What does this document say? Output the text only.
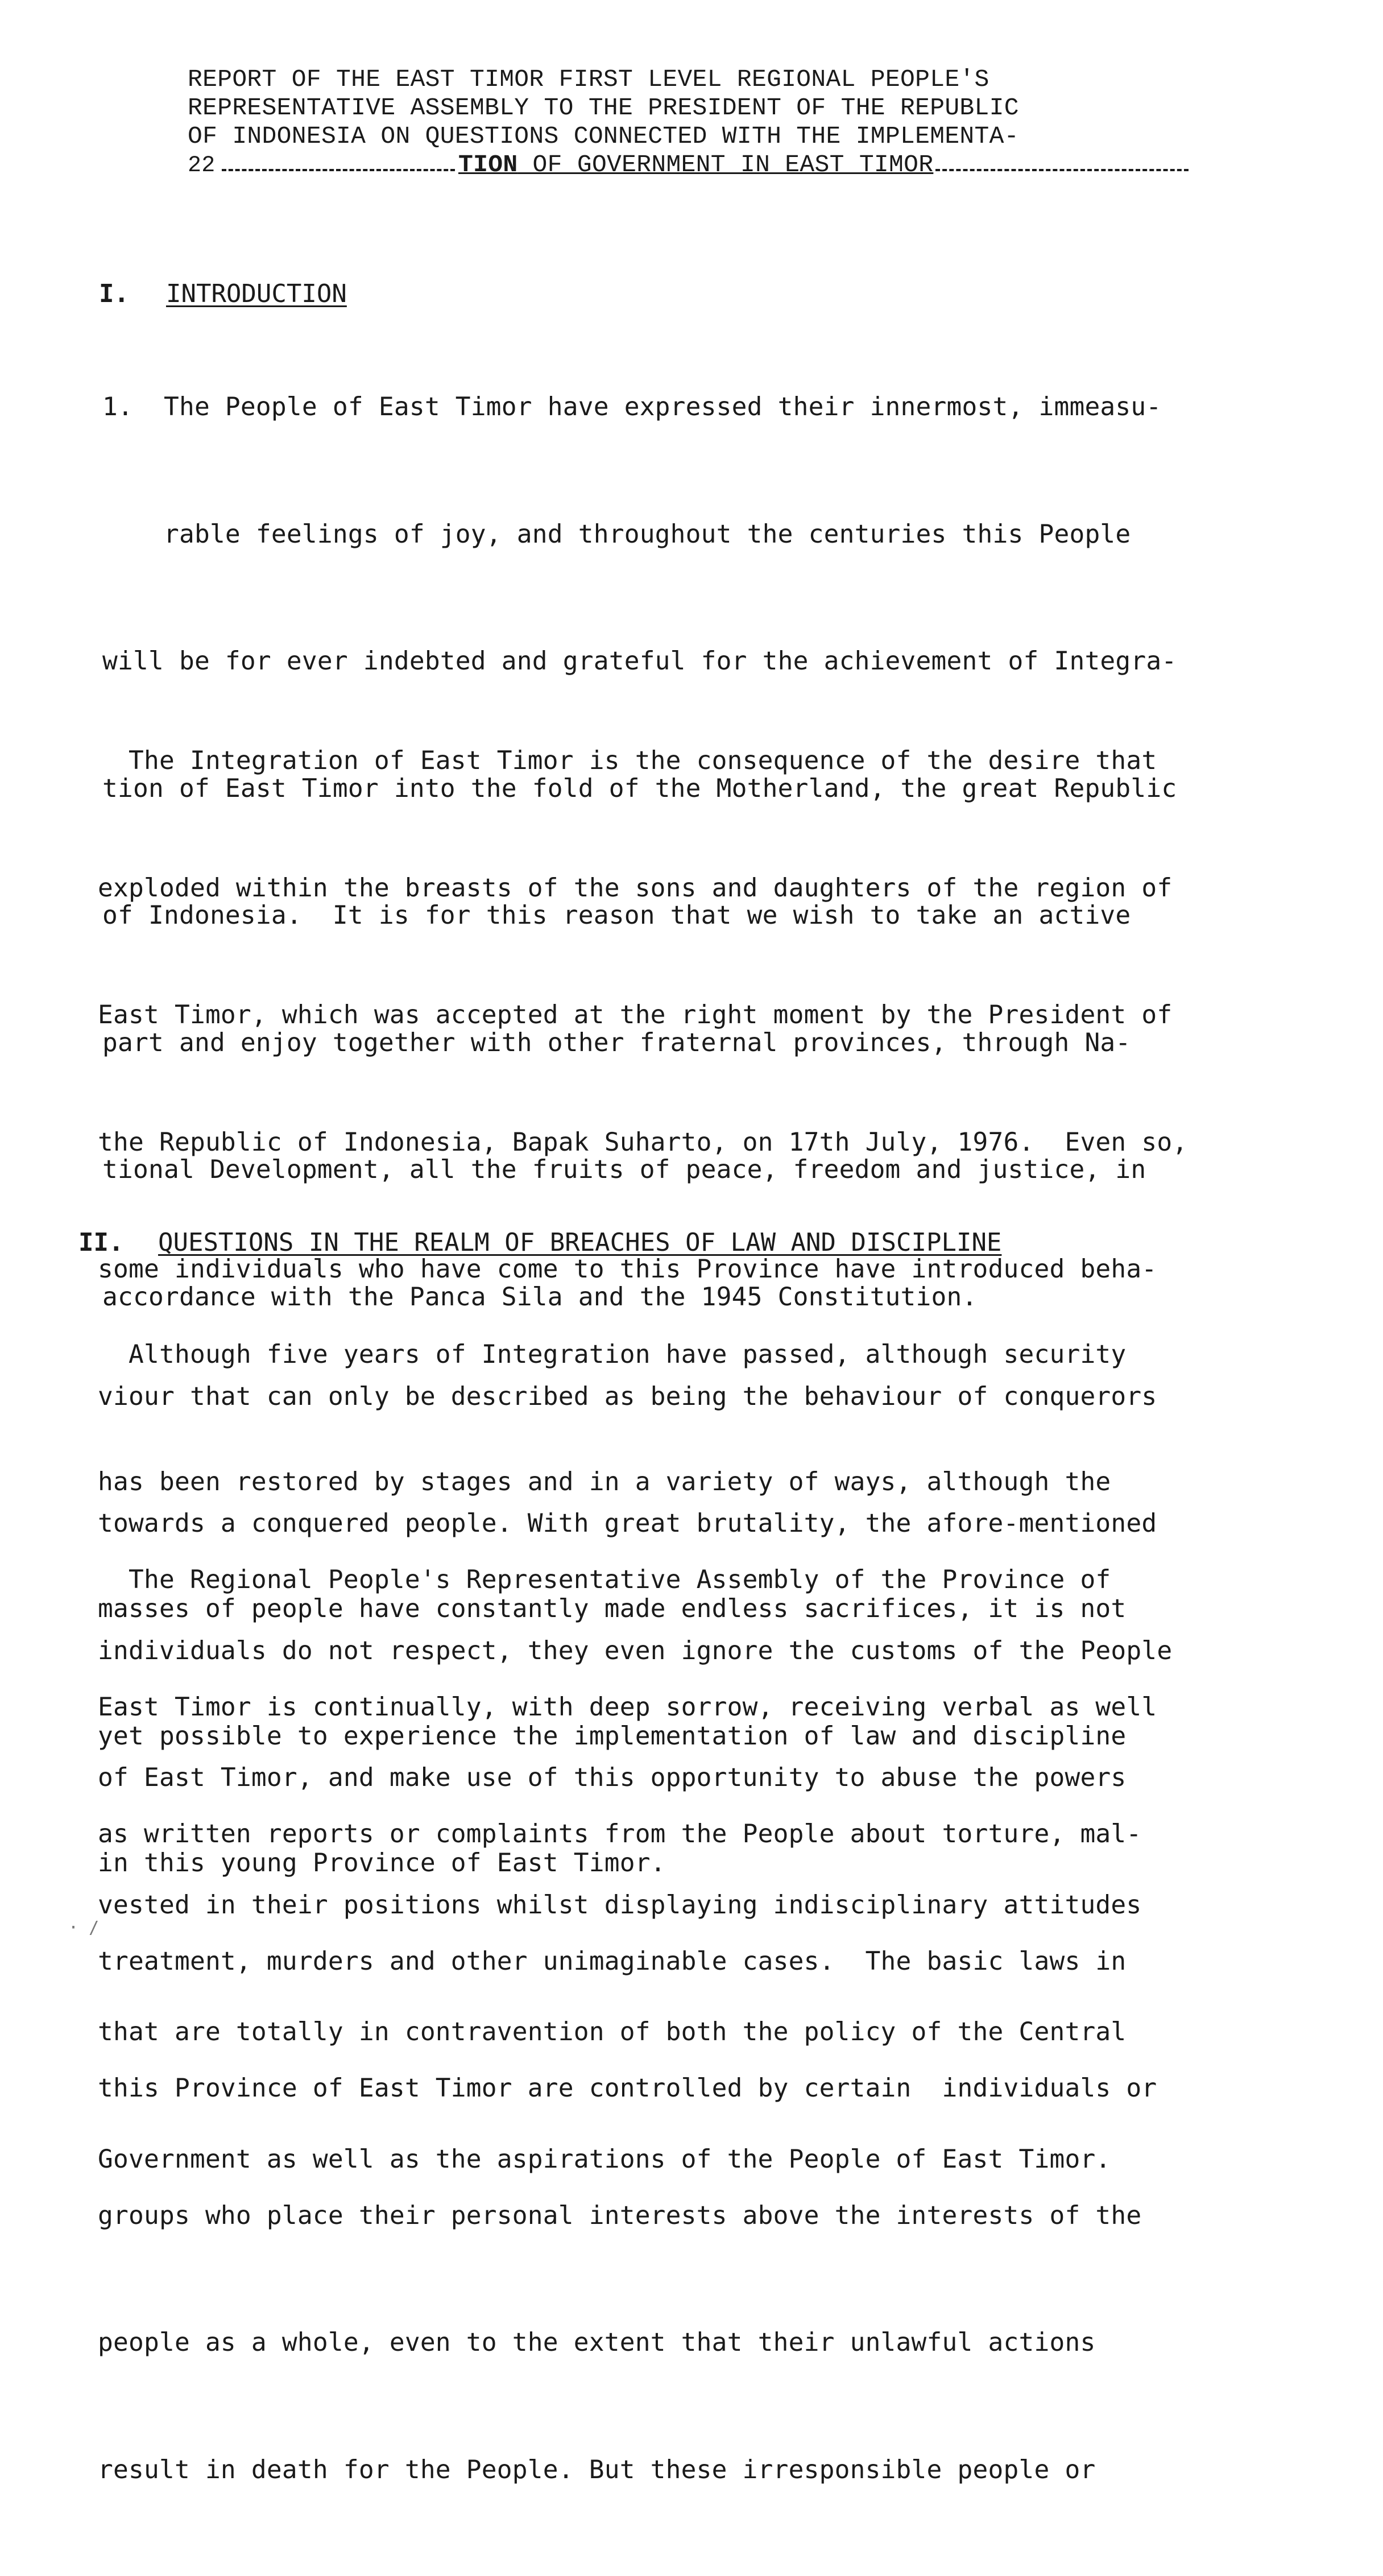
REPORT OF THE EAST TIMOR FIRST LEVEL REGIONAL PEOPLE'S
REPRESENTATIVE ASSEMBLY TO THE PRESIDENT OF THE REPUBLIC
OF INDONESIA ON QUESTIONS CONNECTED WITH THE IMPLEMENTA-
22	TION OF GOVERNMENT IN EAST TIMOR

I. INTRODUCTION

1.  The People of East Timor have expressed their innermost, immeasu-

rable feelings of joy, and throughout the centuries this People

will be for ever indebted and grateful for the achievement of Integra-

tion of East Timor into the fold of the Motherland, the great Republic

of Indonesia.  It is for this reason that we wish to take an active

part and enjoy together with other fraternal provinces, through Na-

tional Development, all the fruits of peace, freedom and justice, in

accordance with the Panca Sila and the 1945 Constitution.

The Integration of East Timor is the consequence of the desire that

exploded within the breasts of the sons and daughters of the region of

East Timor, which was accepted at the right moment by the President of

the Republic of Indonesia, Bapak Suharto, on 17th July, 1976.  Even so,

some individuals who have come to this Province have introduced beha-

viour that can only be described as being the behaviour of conquerors

towards a conquered people. With great brutality, the afore-mentioned

individuals do not respect, they even ignore the customs of the People

of East Timor, and make use of this opportunity to abuse the powers

vested in their positions whilst displaying indisciplinary attitudes

that are totally in contravention of both the policy of the Central

Government as well as the aspirations of the People of East Timor.

II. QUESTIONS IN THE REALM OF BREACHES OF LAW AND DISCIPLINE

Although five years of Integration have passed, although security

has been restored by stages and in a variety of ways, although the

masses of people have constantly made endless sacrifices, it is not

yet possible to experience the implementation of law and discipline

in this young Province of East Timor.

The Regional People's Representative Assembly of the Province of

East Timor is continually, with deep sorrow, receiving verbal as well

as written reports or complaints from the People about torture, mal-

treatment, murders and other unimaginable cases.  The basic laws in

this Province of East Timor are controlled by certain  individuals or

groups who place their personal interests above the interests of the

people as a whole, even to the extent that their unlawful actions

result in death for the People. But these irresponsible people or

· /
